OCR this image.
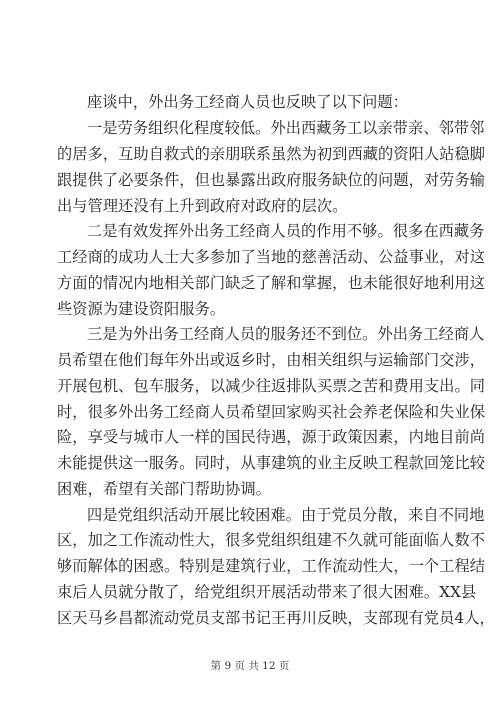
座谈中，外出务工经商人员也反映了以下问题：
一是劳务组织化程度较低。外出西藏务工以亲带亲、邻带邻
的居多，互助自救式的亲朋联系虽然为初到西藏的资阳人站稳脚
跟提供了必要条件，但也暴露出政府服务缺位的问题，对劳务输
出与管理还没有上升到政府对政府的层次。
二是有效发挥外出务工经商人员的作用不够。很多在西藏务
工经商的成功人士大多参加了当地的慈善活动、公益事业，对这
方面的情况内地相关部门缺乏了解和掌握，也未能很好地利用这
些资源为建设资阳服务。
三是为外出务工经商人员的服务还不到位。外出务工经商人
员希望在他们每年外出或返乡时，由相关组织与运输部门交涉，
开展包机、包车服务，以减少往返排队买票之苦和费用支出。同
时，很多外出务工经商人员希望回家购买社会养老保险和失业保
险，享受与城市人一样的国民待遇，源于政策因素，内地目前尚
未能提供这一服务。同时，从事建筑的业主反映工程款回笼比较
困难，希望有关部门帮助协调。
四是党组织活动开展比较困难。由于党员分散，来自不同地
区，加之工作流动性大，很多党组织组建不久就可能面临人数不
够而解体的困惑。特别是建筑行业，工作流动性大，一个工程结
束后人员就分散了，给党组织开展活动带来了很大困难。XX县
区天马乡昌都流动党员支部书记王再川反映，支部现有党员4人，
第 9 页 共 12 页
